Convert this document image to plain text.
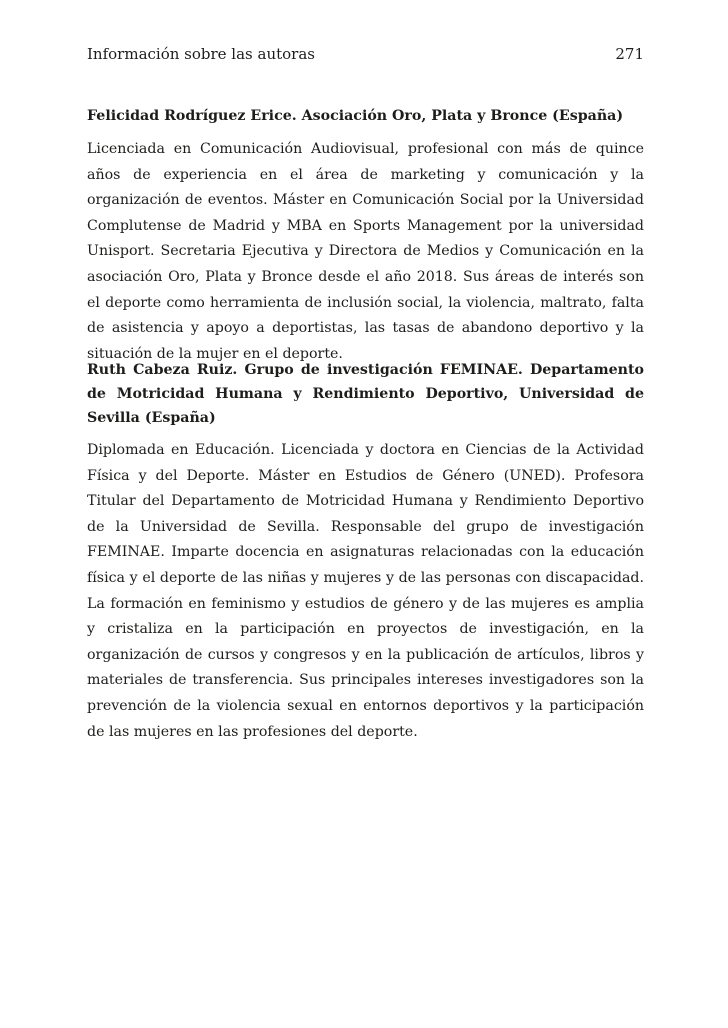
Información sobre las autoras	271

Felicidad Rodríguez Erice. Asociación Oro, Plata y Bronce (España)

Licenciada en Comunicación Audiovisual, profesional con más de quince años de experiencia en el área de marketing y comunicación y la organización de eventos. Máster en Comunicación Social por la Universidad Complutense de Madrid y MBA en Sports Management por la universidad Unisport. Secretaria Ejecutiva y Directora de Medios y Comunicación en la asociación Oro, Plata y Bronce desde el año 2018. Sus áreas de interés son el deporte como herramienta de inclusión social, la violencia, maltrato, falta de asistencia y apoyo a deportistas, las tasas de abandono deportivo y la situación de la mujer en el deporte.

Ruth Cabeza Ruiz. Grupo de investigación FEMINAE. Departamento de Motricidad Humana y Rendimiento Deportivo, Universidad de Sevilla (España)

Diplomada en Educación. Licenciada y doctora en Ciencias de la Actividad Física y del Deporte. Máster en Estudios de Género (UNED). Profesora Titular del Departamento de Motricidad Humana y Rendimiento Deportivo de la Universidad de Sevilla. Responsable del grupo de investigación FEMINAE. Imparte docencia en asignaturas relacionadas con la educación física y el deporte de las niñas y mujeres y de las personas con discapacidad. La formación en feminismo y estudios de género y de las mujeres es amplia y cristaliza en la participación en proyectos de investigación, en la organización de cursos y congresos y en la publicación de artículos, libros y materiales de transferencia. Sus principales intereses investigadores son la prevención de la violencia sexual en entornos deportivos y la participación de las mujeres en las profesiones del deporte.
